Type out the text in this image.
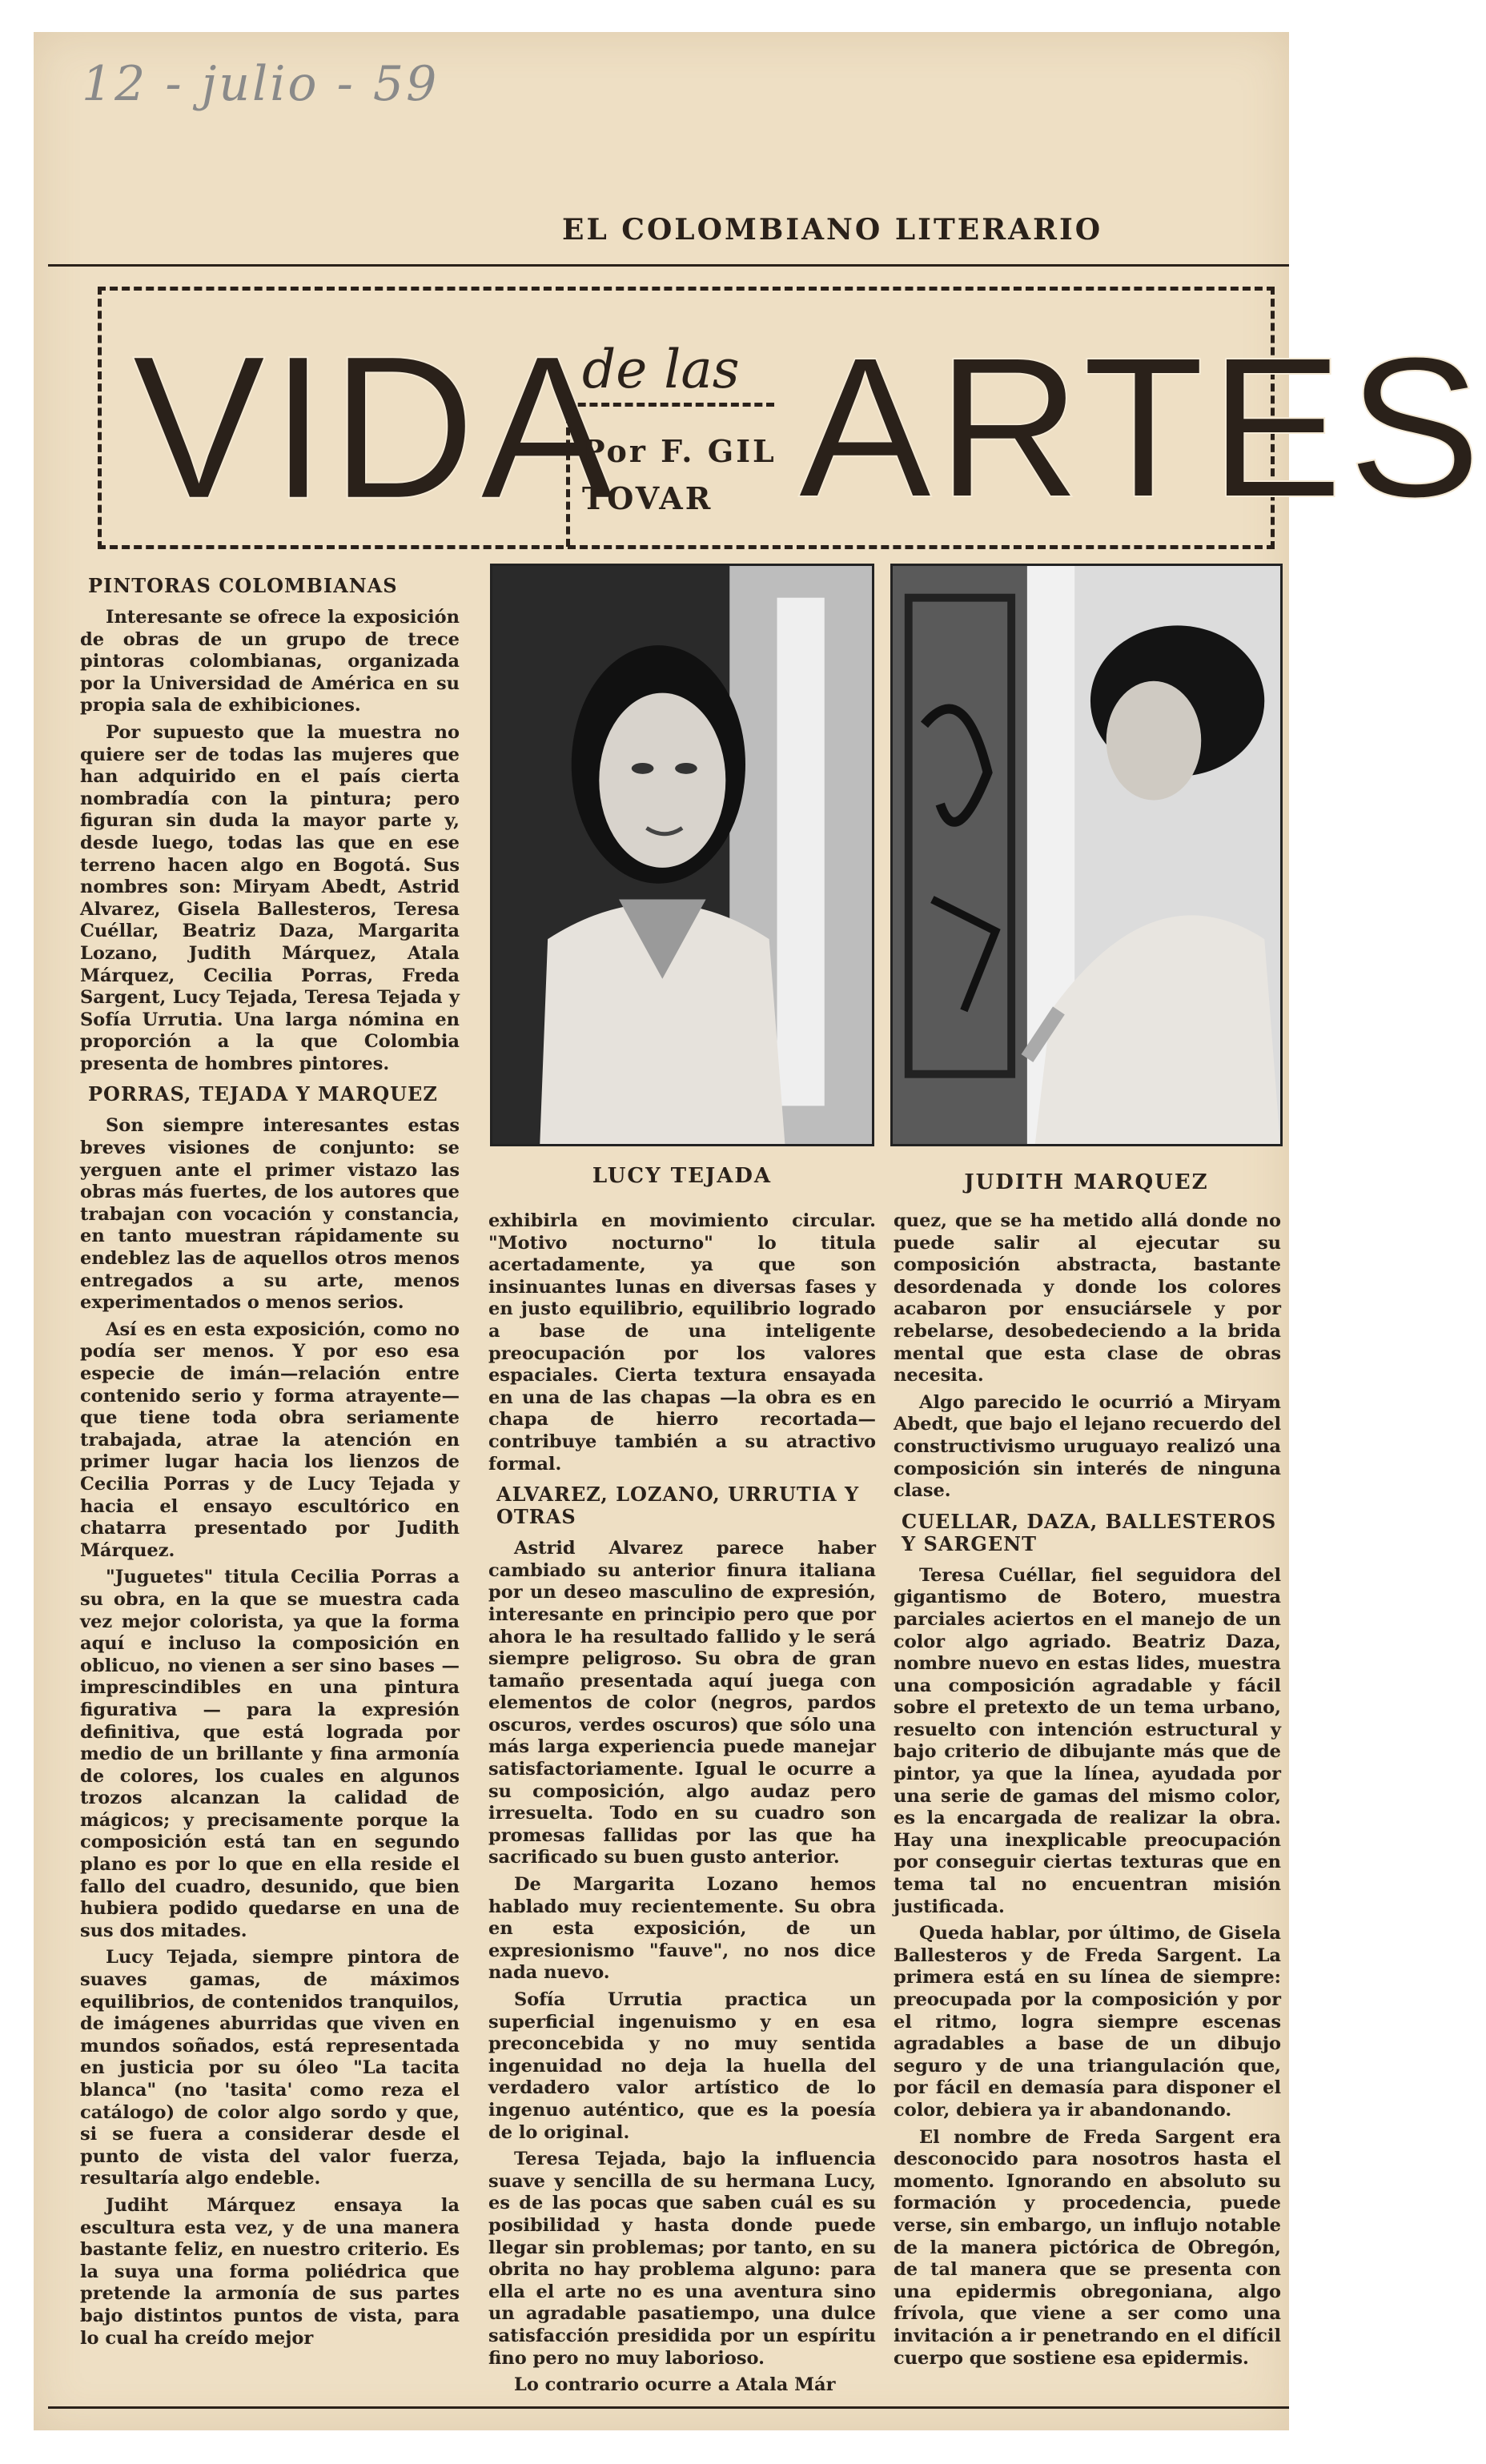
12 - julio - 59
EL COLOMBIANO LITERARIO
VIDA
de las
Por F. GIL
TOVAR ARTES
LUCY TEJADA	JUDITH MARQUEZ
PINTORAS COLOMBIANAS

Interesante se ofrece la exposición de obras de un grupo de trece pintoras colombianas, organizada por la Universidad de América en su propia sala de exhibiciones.

Por supuesto que la muestra no quiere ser de todas las mujeres que han adquirido en el país cierta nombradía con la pintura; pero figuran sin duda la mayor parte y, desde luego, todas las que en ese terreno hacen algo en Bogotá. Sus nombres son: Miryam Abedt, Astrid Alvarez, Gisela Ballesteros, Teresa Cuéllar, Beatriz Daza, Margarita Lozano, Judith Márquez, Atala Márquez, Cecilia Porras, Freda Sargent, Lucy Tejada, Teresa Tejada y Sofía Urrutia. Una larga nómina en proporción a la que Colombia presenta de hombres pintores.

PORRAS, TEJADA Y MARQUEZ

Son siempre interesantes estas breves visiones de conjunto: se yerguen ante el primer vistazo las obras más fuertes, de los autores que trabajan con vocación y constancia, en tanto muestran rápidamente su endeblez las de aquellos otros menos entregados a su arte, menos experimentados o menos serios.

Así es en esta exposición, como no podía ser menos. Y por eso esa especie de imán—relación entre contenido serio y forma atrayente— que tiene toda obra seriamente trabajada, atrae la atención en primer lugar hacia los lienzos de Cecilia Porras y de Lucy Tejada y hacia el ensayo escultórico en chatarra presentado por Judith Márquez.

"Juguetes" titula Cecilia Porras a su obra, en la que se muestra cada vez mejor colorista, ya que la forma aquí e incluso la composición en oblicuo, no vienen a ser sino bases — imprescindibles en una pintura figurativa — para la expresión definitiva, que está lograda por medio de un brillante y fina armonía de colores, los cuales en algunos trozos alcanzan la calidad de mágicos; y precisamente porque la composición está tan en segundo plano es por lo que en ella reside el fallo del cuadro, desunido, que bien hubiera podido quedarse en una de sus dos mitades.

Lucy Tejada, siempre pintora de suaves gamas, de máximos equilibrios, de contenidos tranquilos, de imágenes aburridas que viven en mundos soñados, está representada en justicia por su óleo "La tacita blanca" (no 'tasita' como reza el catálogo) de color algo sordo y que, si se fuera a considerar desde el punto de vista del valor fuerza, resultaría algo endeble.

Judiht Márquez ensaya la escultura esta vez, y de una manera bastante feliz, en nuestro criterio. Es la suya una forma poliédrica que pretende la armonía de sus partes bajo distintos puntos de vista, para lo cual ha creído mejor

exhibirla en movimiento circular. "Motivo nocturno" lo titula acertadamente, ya que son insinuantes lunas en diversas fases y en justo equilibrio, equilibrio logrado a base de una inteligente preocupación por los valores espaciales. Cierta textura ensayada en una de las chapas —la obra es en chapa de hierro recortada— contribuye también a su atractivo formal.

ALVAREZ, LOZANO, URRUTIA Y OTRAS

Astrid Alvarez parece haber cambiado su anterior finura italiana por un deseo masculino de expresión, interesante en principio pero que por ahora le ha resultado fallido y le será siempre peligroso. Su obra de gran tamaño presentada aquí juega con elementos de color (negros, pardos oscuros, verdes oscuros) que sólo una más larga experiencia puede manejar satisfactoriamente. Igual le ocurre a su composición, algo audaz pero irresuelta. Todo en su cuadro son promesas fallidas por las que ha sacrificado su buen gusto anterior.

De Margarita Lozano hemos hablado muy recientemente. Su obra en esta exposición, de un expresionismo "fauve", no nos dice nada nuevo.

Sofía Urrutia practica un superficial ingenuismo y en esa preconcebida y no muy sentida ingenuidad no deja la huella del verdadero valor artístico de lo ingenuo auténtico, que es la poesía de lo original.

Teresa Tejada, bajo la influencia suave y sencilla de su hermana Lucy, es de las pocas que saben cuál es su posibilidad y hasta donde puede llegar sin problemas; por tanto, en su obrita no hay problema alguno: para ella el arte no es una aventura sino un agradable pasatiempo, una dulce satisfacción presidida por un espíritu fino pero no muy laborioso.

Lo contrario ocurre a Atala Már

quez, que se ha metido allá donde no puede salir al ejecutar su composición abstracta, bastante desordenada y donde los colores acabaron por ensuciársele y por rebelarse, desobedeciendo a la brida mental que esta clase de obras necesita.

Algo parecido le ocurrió a Miryam Abedt, que bajo el lejano recuerdo del constructivismo uruguayo realizó una composición sin interés de ninguna clase.

CUELLAR, DAZA, BALLESTEROS Y SARGENT

Teresa Cuéllar, fiel seguidora del gigantismo de Botero, muestra parciales aciertos en el manejo de un color algo agriado. Beatriz Daza, nombre nuevo en estas lides, muestra una composición agradable y fácil sobre el pretexto de un tema urbano, resuelto con intención estructural y bajo criterio de dibujante más que de pintor, ya que la línea, ayudada por una serie de gamas del mismo color, es la encargada de realizar la obra. Hay una inexplicable preocupación por conseguir ciertas texturas que en tema tal no encuentran misión justificada.

Queda hablar, por último, de Gisela Ballesteros y de Freda Sargent. La primera está en su línea de siempre: preocupada por la composición y por el ritmo, logra siempre escenas agradables a base de un dibujo seguro y de una triangulación que, por fácil en demasía para disponer el color, debiera ya ir abandonando.

El nombre de Freda Sargent era desconocido para nosotros hasta el momento. Ignorando en absoluto su formación y procedencia, puede verse, sin embargo, un influjo notable de la manera pictórica de Obregón, de tal manera que se presenta con una epidermis obregoniana, algo frívola, que viene a ser como una invitación a ir penetrando en el difícil cuerpo que sostiene esa epidermis.
